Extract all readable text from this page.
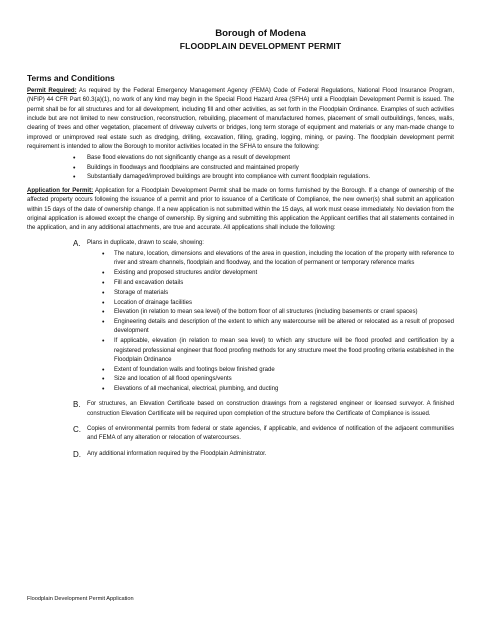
Borough of Modena
FLOODPLAIN DEVELOPMENT PERMIT
Terms and Conditions

Permit Required: As required by the Federal Emergency Management Agency (FEMA) Code of Federal Regulations, National Flood Insurance Program, (NFIP) 44 CFR Part 60.3(a)(1), no work of any kind may begin in the Special Flood Hazard Area (SFHA) until a Floodplain Development Permit is issued. The permit shall be for all structures and for all development, including fill and other activities, as set forth in the Floodplain Ordinance. Examples of such activities include but are not limited to new construction, reconstruction, rebuilding, placement of manufactured homes, placement of small outbuildings, fences, walls, clearing of trees and other vegetation, placement of driveway culverts or bridges, long term storage of equipment and materials or any man-made change to improved or unimproved real estate such as dredging, drilling, excavation, filling, grading, logging, mining, or paving. The floodplain development permit requirement is intended to allow the Borough to monitor activities located in the SFHA to ensure the following:

• Base flood elevations do not significantly change as a result of development
• Buildings in floodways and floodplains are constructed and maintained properly
• Substantially damaged/improved buildings are brought into compliance with current floodplain regulations.

Application for Permit: Application for a Floodplain Development Permit shall be made on forms furnished by the Borough. If a change of ownership of the affected property occurs following the issuance of a permit and prior to issuance of a Certificate of Compliance, the new owner(s) shall submit an application within 15 days of the date of ownership change. If a new application is not submitted within the 15 days, all work must cease immediately. No deviation from the original application is allowed except the change of ownership. By signing and submitting this application the Applicant certifies that all statements contained in the application, and in any additional attachments, are true and accurate. All applications shall include the following:

A. Plans in duplicate, drawn to scale, showing:
• The nature, location, dimensions and elevations of the area in question, including the location of the property with reference to river and stream channels, floodplain and floodway, and the location of permanent or temporary reference marks
• Existing and proposed structures and/or development
• Fill and excavation details
• Storage of materials
• Location of drainage facilities
• Elevation (in relation to mean sea level) of the bottom floor of all structures (including basements or crawl spaces)
• Engineering details and description of the extent to which any watercourse will be altered or relocated as a result of proposed development
• If applicable, elevation (in relation to mean sea level) to which any structure will be flood proofed and certification by a registered professional engineer that flood proofing methods for any structure meet the flood proofing criteria established in the Floodplain Ordinance
• Extent of foundation walls and footings below finished grade
• Size and location of all flood openings/vents
• Elevations of all mechanical, electrical, plumbing, and ducting
B. For structures, an Elevation Certificate based on construction drawings from a registered engineer or licensed surveyor. A finished construction Elevation Certificate will be required upon completion of the structure before the Certificate of Compliance is issued.
C. Copies of environmental permits from federal or state agencies, if applicable, and evidence of notification of the adjacent communities and FEMA of any alteration or relocation of watercourses.
D. Any additional information required by the Floodplain Administrator.
Floodplain Development Permit Application
